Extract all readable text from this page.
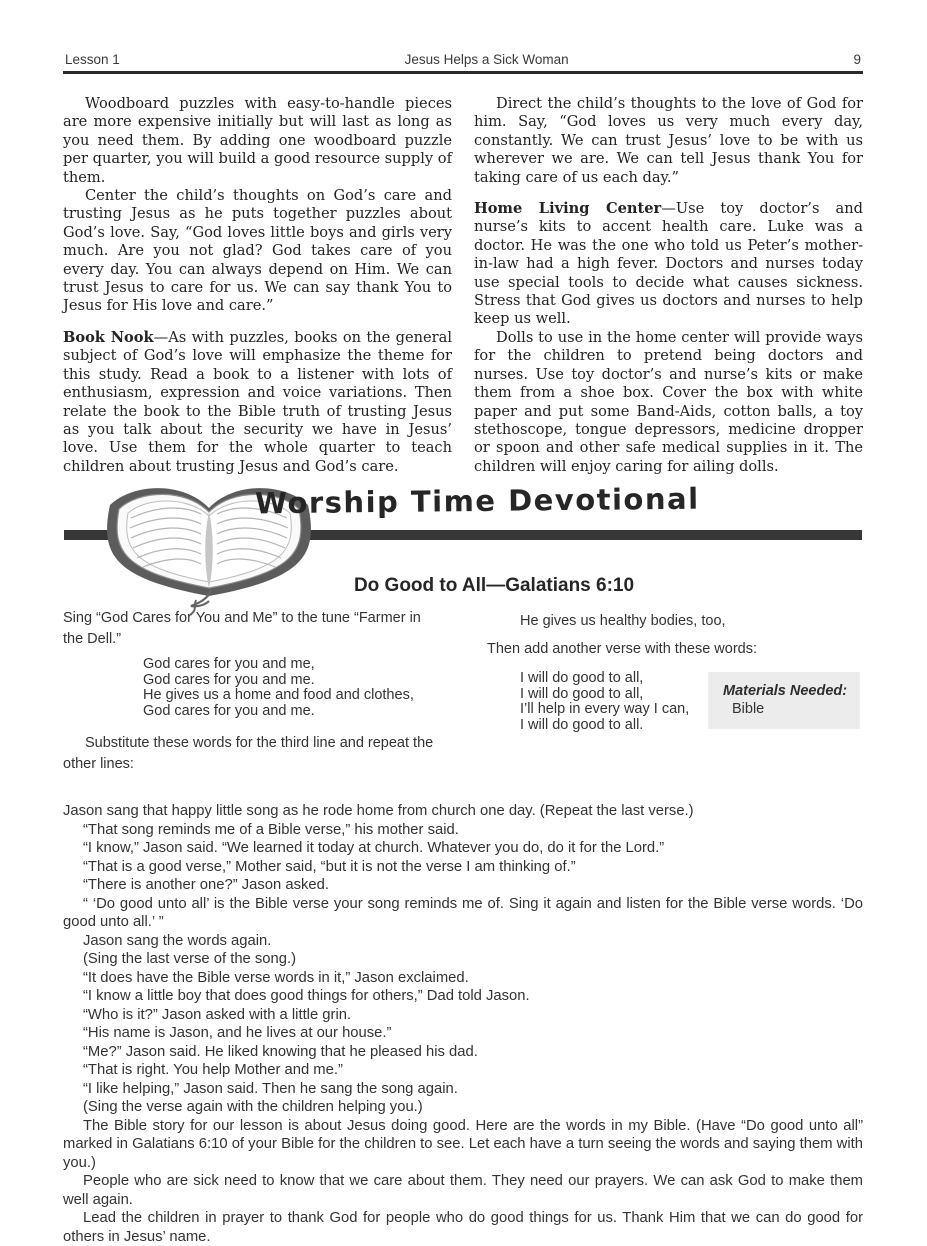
Lesson 1	Jesus Helps a Sick Woman	9

Woodboard puzzles with easy-to-handle pieces are more expensive initially but will last as long as you need them. By adding one woodboard puzzle per quarter, you will build a good resource supply of them.

Center the child’s thoughts on God’s care and trusting Jesus as he puts together puzzles about God’s love. Say, “God loves little boys and girls very much. Are you not glad? God takes care of you every day. You can always depend on Him. We can trust Jesus to care for us. We can say thank You to Jesus for His love and care.”

Book Nook—As with puzzles, books on the general subject of God’s love will emphasize the theme for this study. Read a book to a listener with lots of enthusiasm, expression and voice variations. Then relate the book to the Bible truth of trusting Jesus as you talk about the security we have in Jesus’ love. Use them for the whole quarter to teach children about trusting Jesus and God’s care.

Direct the child’s thoughts to the love of God for him. Say, “God loves us very much every day, constantly. We can trust Jesus’ love to be with us wherever we are. We can tell Jesus thank You for taking care of us each day.”

Home Living Center—Use toy doctor’s and nurse’s kits to accent health care. Luke was a doctor. He was the one who told us Peter’s mother-in-law had a high fever. Doctors and nurses today use special tools to decide what causes sickness. Stress that God gives us doctors and nurses to help keep us well.

Dolls to use in the home center will provide ways for the children to pretend being doctors and nurses. Use toy doctor’s and nurse’s kits or make them from a shoe box. Cover the box with white paper and put some Band-Aids, cotton balls, a toy stethoscope, tongue depressors, medicine dropper or spoon and other safe medical supplies in it. The children will enjoy caring for ailing dolls.

Worship Time Devotional
Do Good to All—Galatians 6:10

Sing “God Cares for You and Me” to the tune “Farmer in the Dell.”

God cares for you and me,
God cares for you and me.
He gives us a home and food and clothes,
God cares for you and me.

Substitute these words for the third line and repeat the other lines:

He gives us healthy bodies, too,
Then add another verse with these words:
I will do good to all,
I will do good to all,
I’ll help in every way I can,
I will do good to all.
Materials Needed:
Bible

Jason sang that happy little song as he rode home from church one day. (Repeat the last verse.)

“That song reminds me of a Bible verse,” his mother said.

“I know,” Jason said. “We learned it today at church. Whatever you do, do it for the Lord.”

“That is a good verse,” Mother said, “but it is not the verse I am thinking of.”

“There is another one?” Jason asked.

“ ‘Do good unto all’ is the Bible verse your song reminds me of. Sing it again and listen for the Bible verse words. ‘Do good unto all.’ ”

Jason sang the words again.

(Sing the last verse of the song.)

“It does have the Bible verse words in it,” Jason exclaimed.

“I know a little boy that does good things for others,” Dad told Jason.

“Who is it?” Jason asked with a little grin.

“His name is Jason, and he lives at our house.”

“Me?” Jason said. He liked knowing that he pleased his dad.

“That is right. You help Mother and me.”

“I like helping,” Jason said. Then he sang the song again.

(Sing the verse again with the children helping you.)

The Bible story for our lesson is about Jesus doing good. Here are the words in my Bible. (Have “Do good unto all” marked in Galatians 6:10 of your Bible for the children to see. Let each have a turn seeing the words and saying them with you.)

People who are sick need to know that we care about them. They need our prayers. We can ask God to make them well again.

Lead the children in prayer to thank God for people who do good things for us. Thank Him that we can do good for others in Jesus’ name.
